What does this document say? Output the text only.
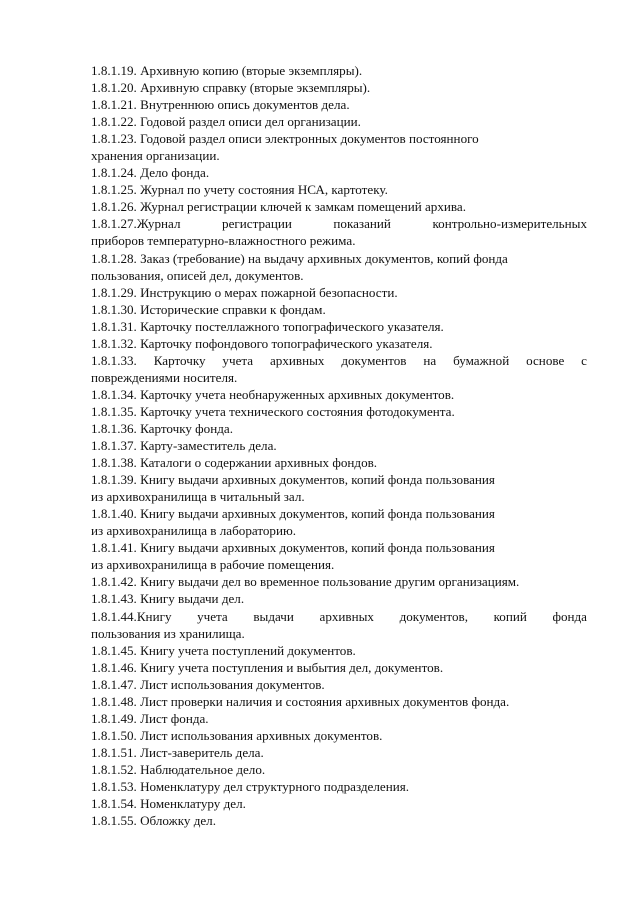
1.8.1.19. Архивную копию (вторые экземпляры).
1.8.1.20. Архивную справку (вторые экземпляры).
1.8.1.21. Внутреннюю опись документов дела.
1.8.1.22. Годовой раздел описи дел организации.
1.8.1.23. Годовой раздел описи электронных документов постоянного
хранения организации.
1.8.1.24. Дело фонда.
1.8.1.25. Журнал по учету состояния НСА, картотеку.
1.8.1.26. Журнал регистрации ключей к замкам помещений архива.
1.8.1.27.Журнал регистрации показаний контрольно-измерительных
приборов температурно-влажностного режима.
1.8.1.28. Заказ (требование) на выдачу архивных документов, копий фонда
пользования, описей дел, документов.
1.8.1.29. Инструкцию о мерах пожарной безопасности.
1.8.1.30. Исторические справки к фондам.
1.8.1.31. Карточку постеллажного топографического указателя.
1.8.1.32. Карточку пофондового топографического указателя.
1.8.1.33. Карточку учета архивных документов на бумажной основе с
повреждениями носителя.
1.8.1.34. Карточку учета необнаруженных архивных документов.
1.8.1.35. Карточку учета технического состояния фотодокумента.
1.8.1.36. Карточку фонда.
1.8.1.37. Карту-заместитель дела.
1.8.1.38. Каталоги о содержании архивных фондов.
1.8.1.39. Книгу выдачи архивных документов, копий фонда пользования
из архивохранилища в читальный зал.
1.8.1.40. Книгу выдачи архивных документов, копий фонда пользования
из архивохранилища в лабораторию.
1.8.1.41. Книгу выдачи архивных документов, копий фонда пользования
из архивохранилища в рабочие помещения.
1.8.1.42. Книгу выдачи дел во временное пользование другим организациям.
1.8.1.43. Книгу выдачи дел.
1.8.1.44.Книгу учета выдачи архивных документов, копий фонда
пользования из хранилища.
1.8.1.45. Книгу учета поступлений документов.
1.8.1.46. Книгу учета поступления и выбытия дел, документов.
1.8.1.47. Лист использования документов.
1.8.1.48. Лист проверки наличия и состояния архивных документов фонда.
1.8.1.49. Лист фонда.
1.8.1.50. Лист использования архивных документов.
1.8.1.51. Лист-заверитель дела.
1.8.1.52. Наблюдательное дело.
1.8.1.53. Номенклатуру дел структурного подразделения.
1.8.1.54. Номенклатуру дел.
1.8.1.55. Обложку дел.
